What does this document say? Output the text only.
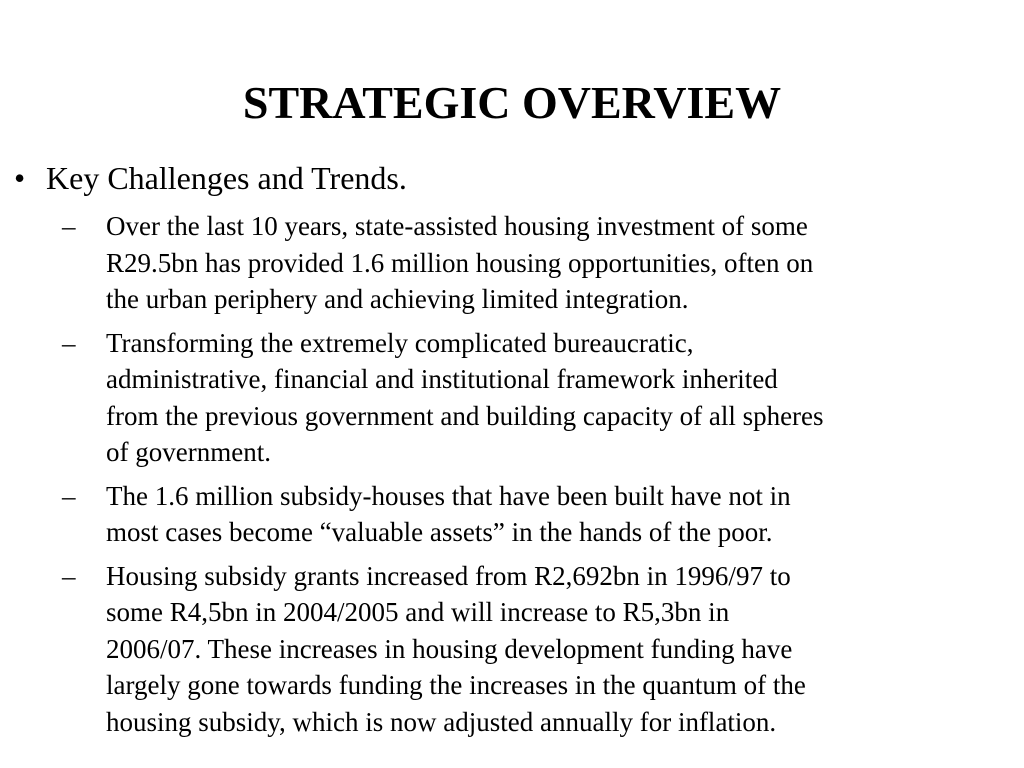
STRATEGIC OVERVIEW
• Key Challenges and Trends.
– Over the last 10 years, state-assisted housing investment of some
R29.5bn has provided 1.6 million housing opportunities, often on
the urban periphery and achieving limited integration.
– Transforming the extremely complicated bureaucratic,
administrative, financial and institutional framework inherited
from the previous government and building capacity of all spheres
of government.
– The 1.6 million subsidy-houses that have been built have not in
most cases become “valuable assets” in the hands of the poor.
– Housing subsidy grants increased from R2,692bn in 1996/97 to
some R4,5bn in 2004/2005 and will increase to R5,3bn in
2006/07. These increases in housing development funding have
largely gone towards funding the increases in the quantum of the
housing subsidy, which is now adjusted annually for inflation.
